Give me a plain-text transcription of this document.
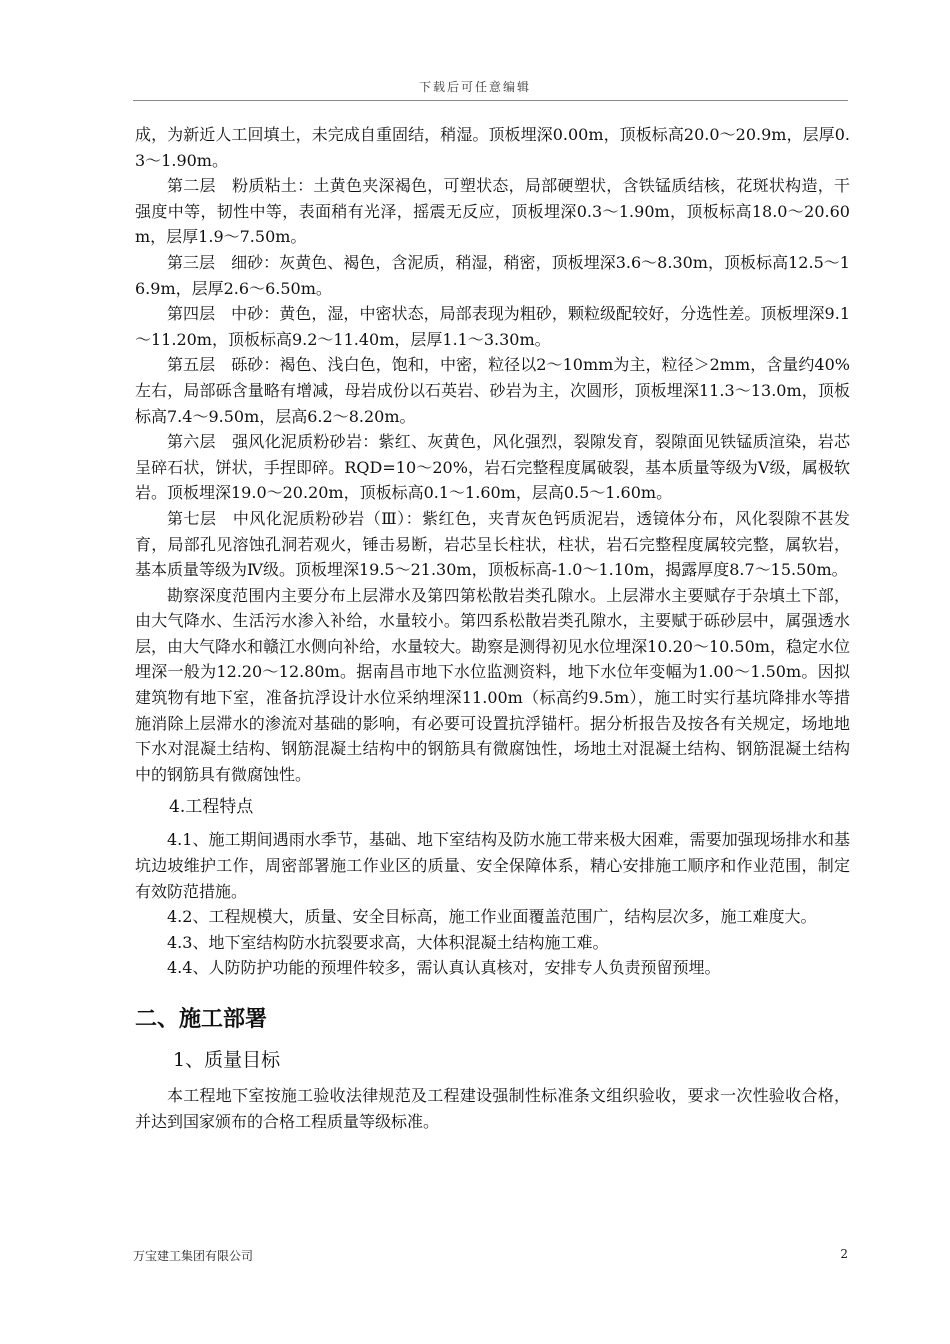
下载后可任意编辑

成，为新近人工回填土，未完成自重固结，稍湿。顶板埋深0.00m，顶板标高20.0～20.9m，层厚0.3～1.90m。

第二层　粉质粘土：土黄色夹深褐色，可塑状态，局部硬塑状，含铁锰质结核，花斑状构造，干强度中等，韧性中等，表面稍有光泽，摇震无反应，顶板埋深0.3～1.90m，顶板标高18.0～20.60m，层厚1.9～7.50m。

第三层　细砂：灰黄色、褐色，含泥质，稍湿，稍密，顶板埋深3.6～8.30m，顶板标高12.5～16.9m，层厚2.6～6.50m。

第四层　中砂：黄色，湿，中密状态，局部表现为粗砂，颗粒级配较好，分选性差。顶板埋深9.1～11.20m，顶板标高9.2～11.40m，层厚1.1～3.30m。

第五层　砾砂：褐色、浅白色，饱和，中密，粒径以2～10mm为主，粒径＞2mm，含量约40%左右，局部砾含量略有增减，母岩成份以石英岩、砂岩为主，次圆形，顶板埋深11.3～13.0m，顶板标高7.4～9.50m，层高6.2～8.20m。

第六层　强风化泥质粉砂岩：紫红、灰黄色，风化强烈，裂隙发育，裂隙面见铁锰质渲染，岩芯呈碎石状，饼状，手捏即碎。RQD=10～20%，岩石完整程度属破裂，基本质量等级为Ⅴ级，属极软岩。顶板埋深19.0～20.20m，顶板标高0.1～1.60m，层高0.5～1.60m。

第七层　中风化泥质粉砂岩（Ⅲ）：紫红色，夹青灰色钙质泥岩，透镜体分布，风化裂隙不甚发育，局部孔见溶蚀孔洞若观火，锤击易断，岩芯呈长柱状，柱状，岩石完整程度属较完整，属软岩，基本质量等级为Ⅳ级。顶板埋深19.5～21.30m，顶板标高-1.0～1.10m，揭露厚度8.7～15.50m。

勘察深度范围内主要分布上层滞水及第四第松散岩类孔隙水。上层滞水主要赋存于杂填土下部，由大气降水、生活污水渗入补给，水量较小。第四系松散岩类孔隙水，主要赋于砾砂层中，属强透水层，由大气降水和赣江水侧向补给，水量较大。勘察是测得初见水位埋深10.20～10.50m，稳定水位埋深一般为12.20～12.80m。据南昌市地下水位监测资料，地下水位年变幅为1.00～1.50m。因拟建筑物有地下室，准备抗浮设计水位采纳埋深11.00m（标高约9.5m），施工时实行基坑降排水等措施消除上层滞水的渗流对基础的影响，有必要可设置抗浮锚杆。据分析报告及按各有关规定，场地地下水对混凝土结构、钢筋混凝土结构中的钢筋具有微腐蚀性，场地土对混凝土结构、钢筋混凝土结构中的钢筋具有微腐蚀性。

4.工程特点

4.1、施工期间遇雨水季节，基础、地下室结构及防水施工带来极大困难，需要加强现场排水和基坑边坡维护工作，周密部署施工作业区的质量、安全保障体系，精心安排施工顺序和作业范围，制定有效防范措施。

4.2、工程规模大，质量、安全目标高，施工作业面覆盖范围广，结构层次多，施工难度大。

4.3、地下室结构防水抗裂要求高，大体积混凝土结构施工难。

4.4、人防防护功能的预埋件较多，需认真认真核对，安排专人负责预留预埋。

二、施工部署
1、质量目标

本工程地下室按施工验收法律规范及工程建设强制性标准条文组织验收，要求一次性验收合格，并达到国家颁布的合格工程质量等级标准。

万宝建工集团有限公司	2
